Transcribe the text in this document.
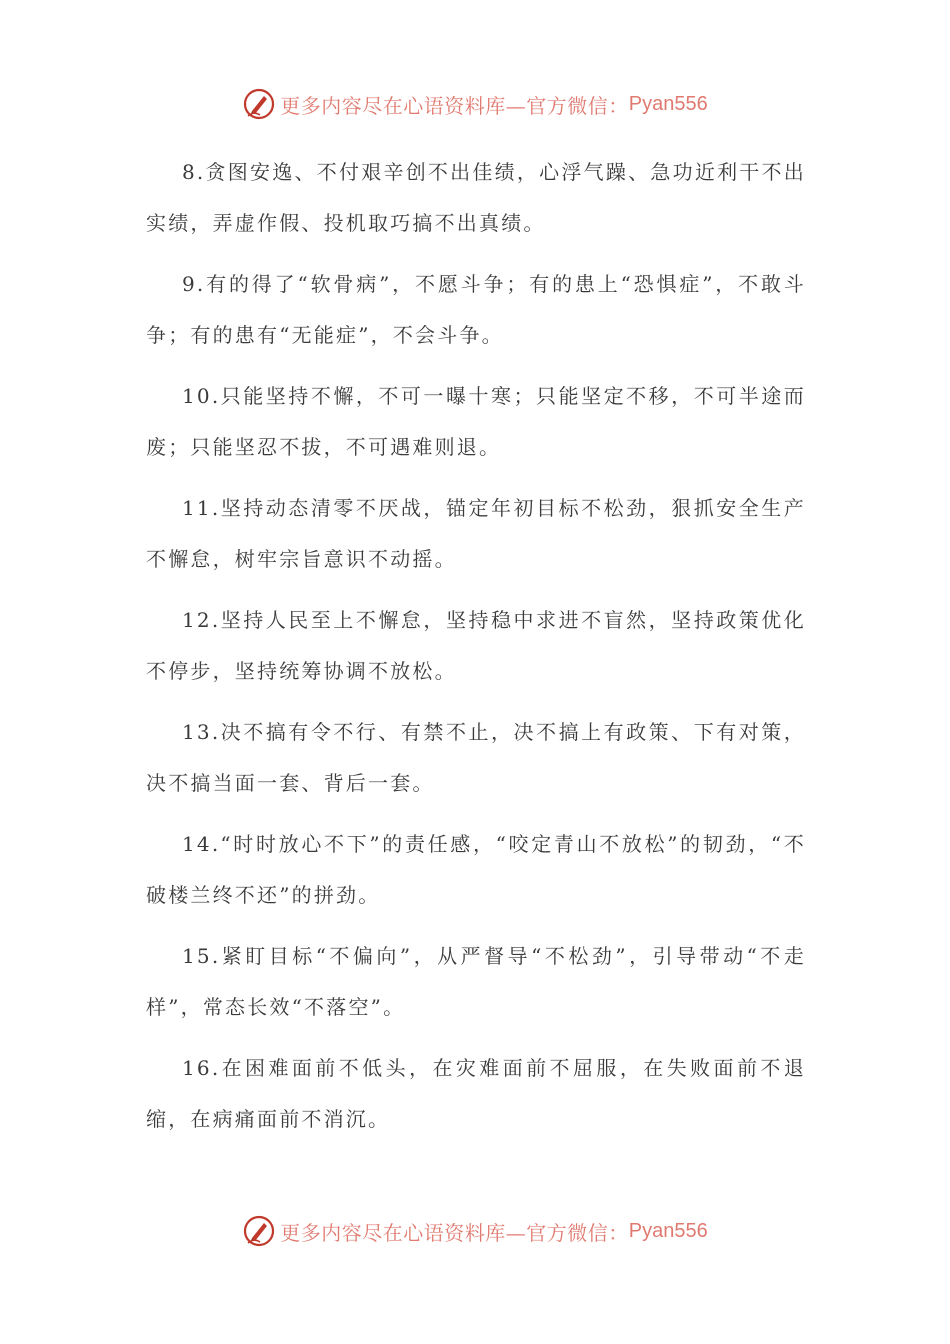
更多内容尽在心语资料库—官方微信： Pyan556

8.贪图安逸、不付艰辛创不出佳绩，心浮气躁、急功近利干不出实绩，弄虚作假、投机取巧搞不出真绩。

9.有的得了“软骨病”，不愿斗争；有的患上“恐惧症”，不敢斗争；有的患有“无能症”，不会斗争。

10.只能坚持不懈，不可一曝十寒；只能坚定不移，不可半途而废；只能坚忍不拔，不可遇难则退。

11.坚持动态清零不厌战，锚定年初目标不松劲，狠抓安全生产不懈怠，树牢宗旨意识不动摇。

12.坚持人民至上不懈怠，坚持稳中求进不盲然，坚持政策优化不停步，坚持统筹协调不放松。

13.决不搞有令不行、有禁不止，决不搞上有政策、下有对策，决不搞当面一套、背后一套。

14.“时时放心不下”的责任感，“咬定青山不放松”的韧劲，“不破楼兰终不还”的拼劲。

15.紧盯目标“不偏向”，从严督导“不松劲”，引导带动“不走样”，常态长效“不落空”。

16.在困难面前不低头，在灾难面前不屈服，在失败面前不退缩，在病痛面前不消沉。

更多内容尽在心语资料库—官方微信： Pyan556
